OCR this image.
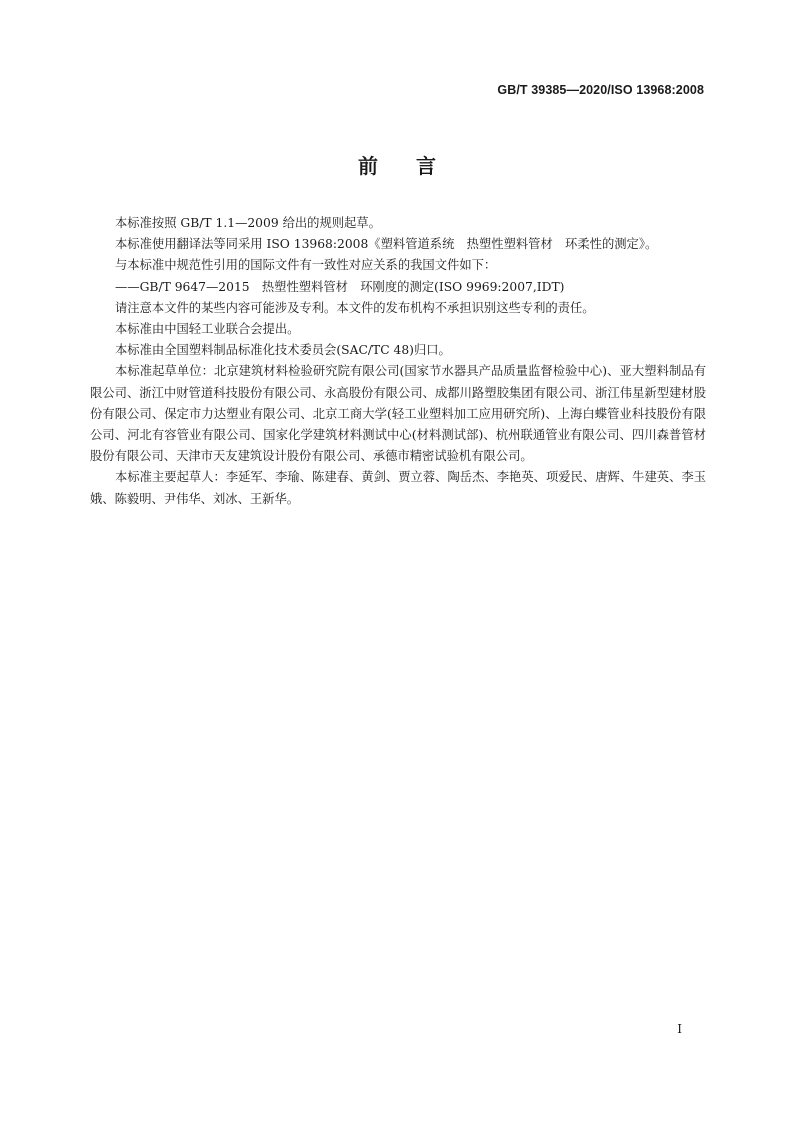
GB/T 39385—2020/ISO 13968:2008
前言

本标准按照 GB/T 1.1—2009 给出的规则起草。

本标准使用翻译法等同采用 ISO 13968:2008《塑料管道系统　热塑性塑料管材　环柔性的测定》。

与本标准中规范性引用的国际文件有一致性对应关系的我国文件如下：

——GB/T 9647—2015　热塑性塑料管材　环刚度的测定(ISO 9969:2007,IDT)

请注意本文件的某些内容可能涉及专利。本文件的发布机构不承担识别这些专利的责任。

本标准由中国轻工业联合会提出。

本标准由全国塑料制品标准化技术委员会(SAC/TC 48)归口。

本标准起草单位：北京建筑材料检验研究院有限公司(国家节水器具产品质量监督检验中心)、亚大塑料制品有限公司、浙江中财管道科技股份有限公司、永高股份有限公司、成都川路塑胶集团有限公司、浙江伟星新型建材股份有限公司、保定市力达塑业有限公司、北京工商大学(轻工业塑料加工应用研究所)、上海白蝶管业科技股份有限公司、河北有容管业有限公司、国家化学建筑材料测试中心(材料测试部)、杭州联通管业有限公司、四川森普管材股份有限公司、天津市天友建筑设计股份有限公司、承德市精密试验机有限公司。

本标准主要起草人：李延军、李瑜、陈建春、黄剑、贾立蓉、陶岳杰、李艳英、项爱民、唐辉、牛建英、李玉娥、陈毅明、尹伟华、刘冰、王新华。

I
